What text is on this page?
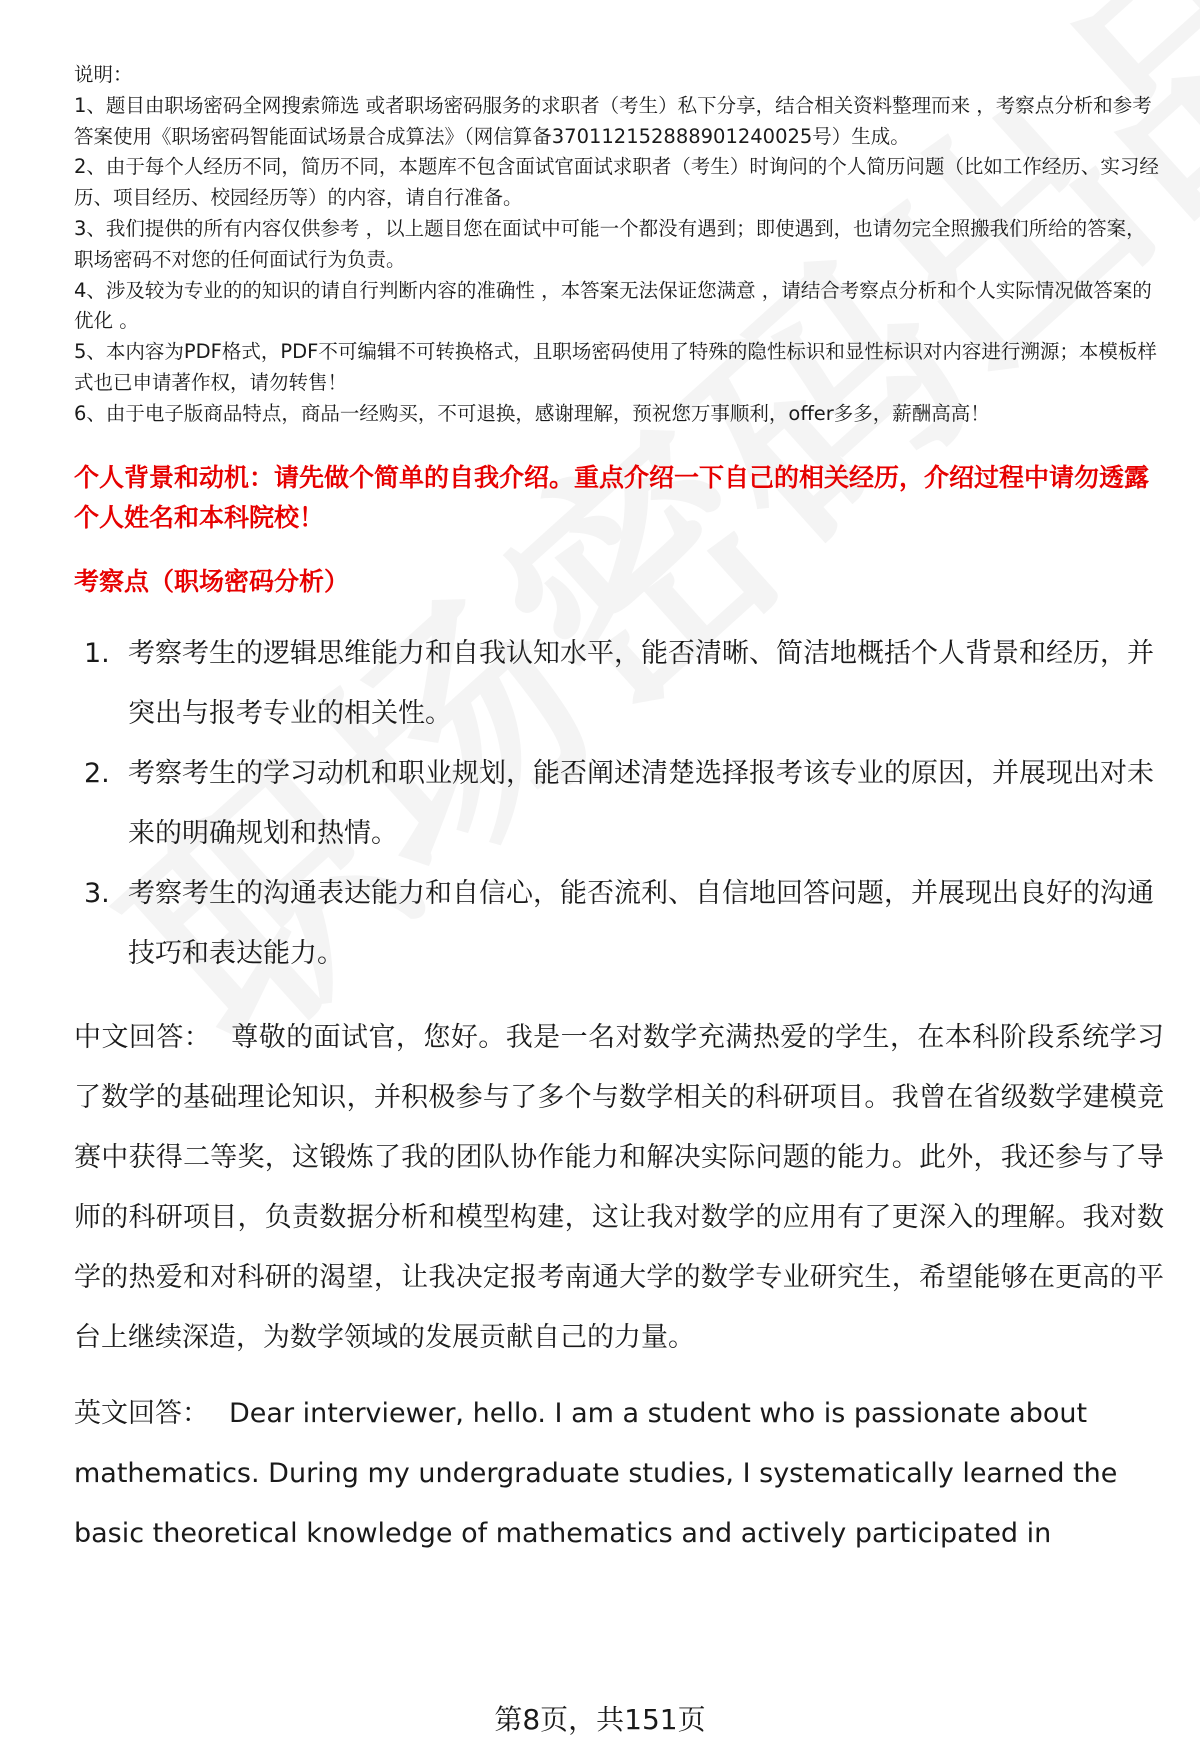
说明：

1、题目由职场密码全网搜索筛选 或者职场密码服务的求职者（考生）私下分享，结合相关资料整理而来 ，考察点分析和参考答案使用《职场密码智能面试场景合成算法》（网信算备370112152888901240025号）生成。

2、由于每个人经历不同，简历不同，本题库不包含面试官面试求职者（考生）时询问的个人简历问题（比如工作经历、实习经历、项目经历、校园经历等）的内容，请自行准备。

3、我们提供的所有内容仅供参考 ，以上题目您在面试中可能一个都没有遇到；即使遇到，也请勿完全照搬我们所给的答案，职场密码不对您的任何面试行为负责。

4、涉及较为专业的的知识的请自行判断内容的准确性 ，本答案无法保证您满意 ，请结合考察点分析和个人实际情况做答案的优化 。

5、本内容为PDF格式，PDF不可编辑不可转换格式，且职场密码使用了特殊的隐性标识和显性标识对内容进行溯源；本模板样式也已申请著作权，请勿转售！

6、由于电子版商品特点，商品一经购买，不可退换，感谢理解，预祝您万事顺利，offer多多，薪酬高高！

个人背景和动机：请先做个简单的自我介绍。重点介绍一下自己的相关经历，介绍过程中请勿透露个人姓名和本科院校！
考察点（职场密码分析）
1. 考察考生的逻辑思维能力和自我认知水平，能否清晰、简洁地概括个人背景和经历，并突出与报考专业的相关性。
2. 考察考生的学习动机和职业规划，能否阐述清楚选择报考该专业的原因，并展现出对未来的明确规划和热情。
3. 考察考生的沟通表达能力和自信心，能否流利、自信地回答问题，并展现出良好的沟通技巧和表达能力。
中文回答： 尊敬的面试官，您好。我是一名对数学充满热爱的学生，在本科阶段系统学习了数学的基础理论知识，并积极参与了多个与数学相关的科研项目。我曾在省级数学建模竞赛中获得二等奖，这锻炼了我的团队协作能力和解决实际问题的能力。此外，我还参与了导师的科研项目，负责数据分析和模型构建，这让我对数学的应用有了更深入的理解。我对数学的热爱和对科研的渴望，让我决定报考南通大学的数学专业研究生，希望能够在更高的平台上继续深造，为数学领域的发展贡献自己的力量。
英文回答： Dear interviewer, hello. I am a student who is passionate about mathematics. During my undergraduate studies, I systematically learned the basic theoretical knowledge of mathematics and actively participated in
第8页，共151页
